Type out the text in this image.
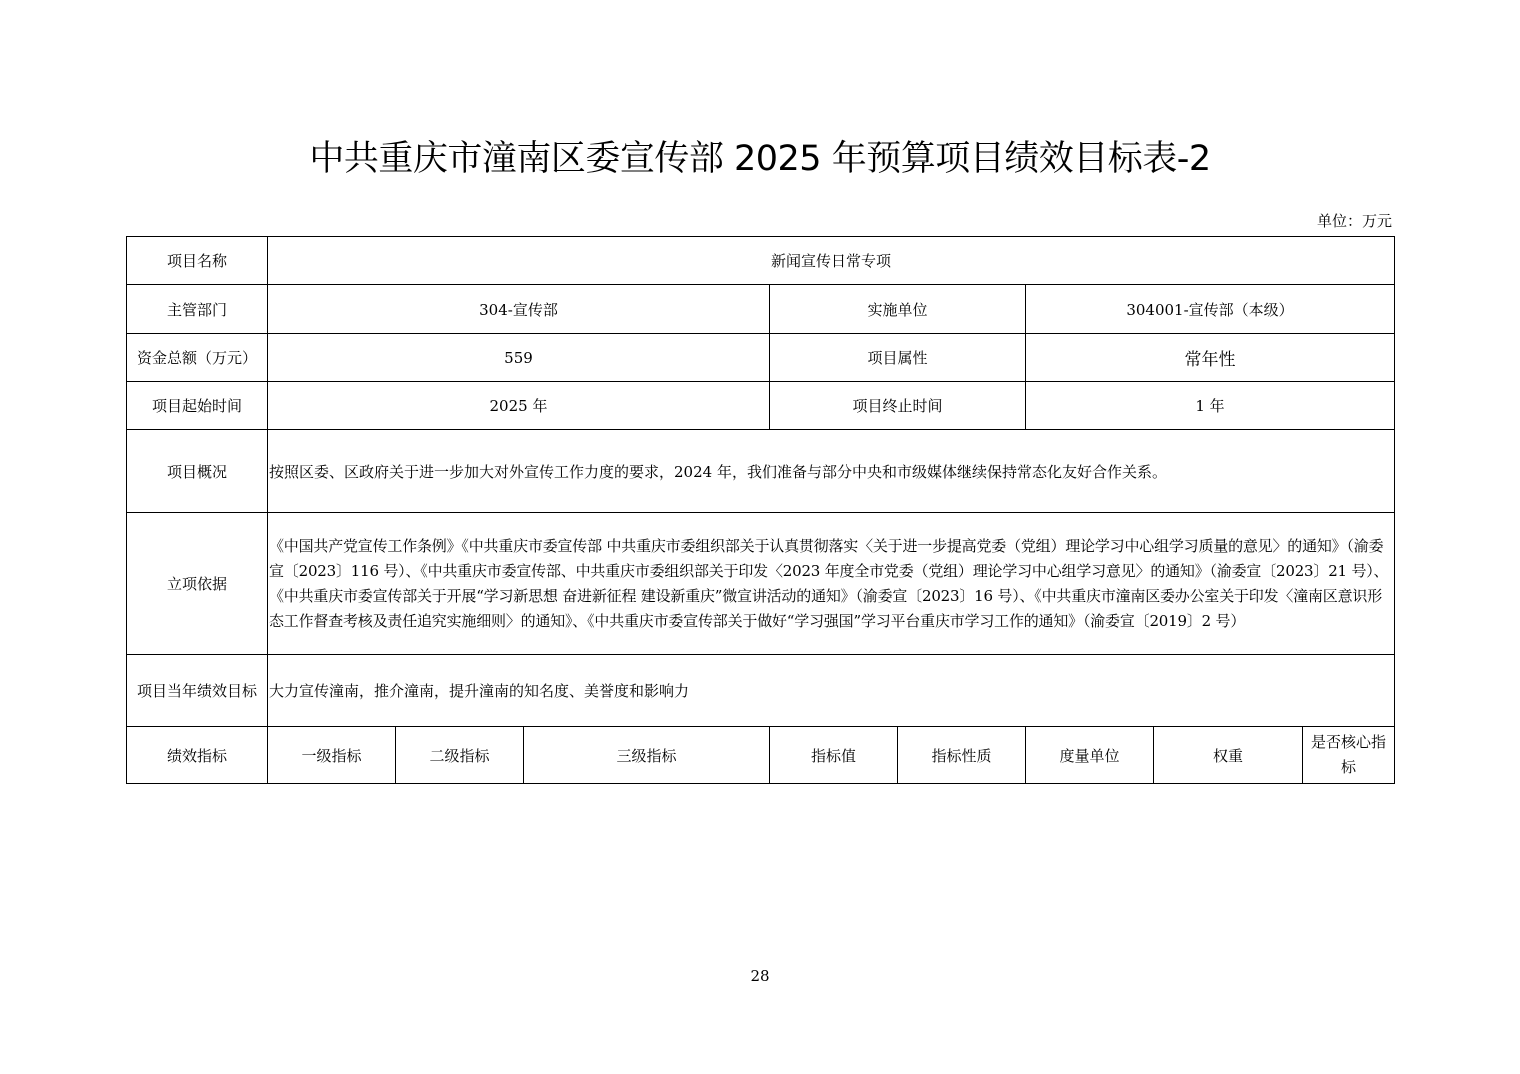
中共重庆市潼南区委宣传部 2025 年预算项目绩效目标表-2
单位：万元
项目名称	新闻宣传日常专项							
主管部门	304-宣传部			实施单位		304001-宣传部（本级）		
资金总额（万元）	559			项目属性		常年性		
项目起始时间	2025 年			项目终止时间		1 年		
项目概况	按照区委、区政府关于进一步加大对外宣传工作力度的要求，2024 年，我们准备与部分中央和市级媒体继续保持常态化友好合作关系。							
立项依据	《中国共产党宣传工作条例》《中共重庆市委宣传部 中共重庆市委组织部关于认真贯彻落实〈关于进一步提高党委（党组）理论学习中心组学习质量的意见〉的通知》（渝委宣〔2023〕116 号）、《中共重庆市委宣传部、中共重庆市委组织部关于印发〈2023 年度全市党委（党组）理论学习中心组学习意见〉的通知》（渝委宣〔2023〕21 号）、《中共重庆市委宣传部关于开展“学习新思想 奋进新征程 建设新重庆”微宣讲活动的通知》（渝委宣〔2023〕16 号）、《中共重庆市潼南区委办公室关于印发〈潼南区意识形态工作督查考核及责任追究实施细则〉的通知》、《中共重庆市委宣传部关于做好“学习强国”学习平台重庆市学习工作的通知》（渝委宣〔2019〕2 号）							
项目当年绩效目标	大力宣传潼南，推介潼南，提升潼南的知名度、美誉度和影响力							
绩效指标	一级指标	二级指标	三级指标	指标值	指标性质	度量单位	权重	是否核心指标
28
